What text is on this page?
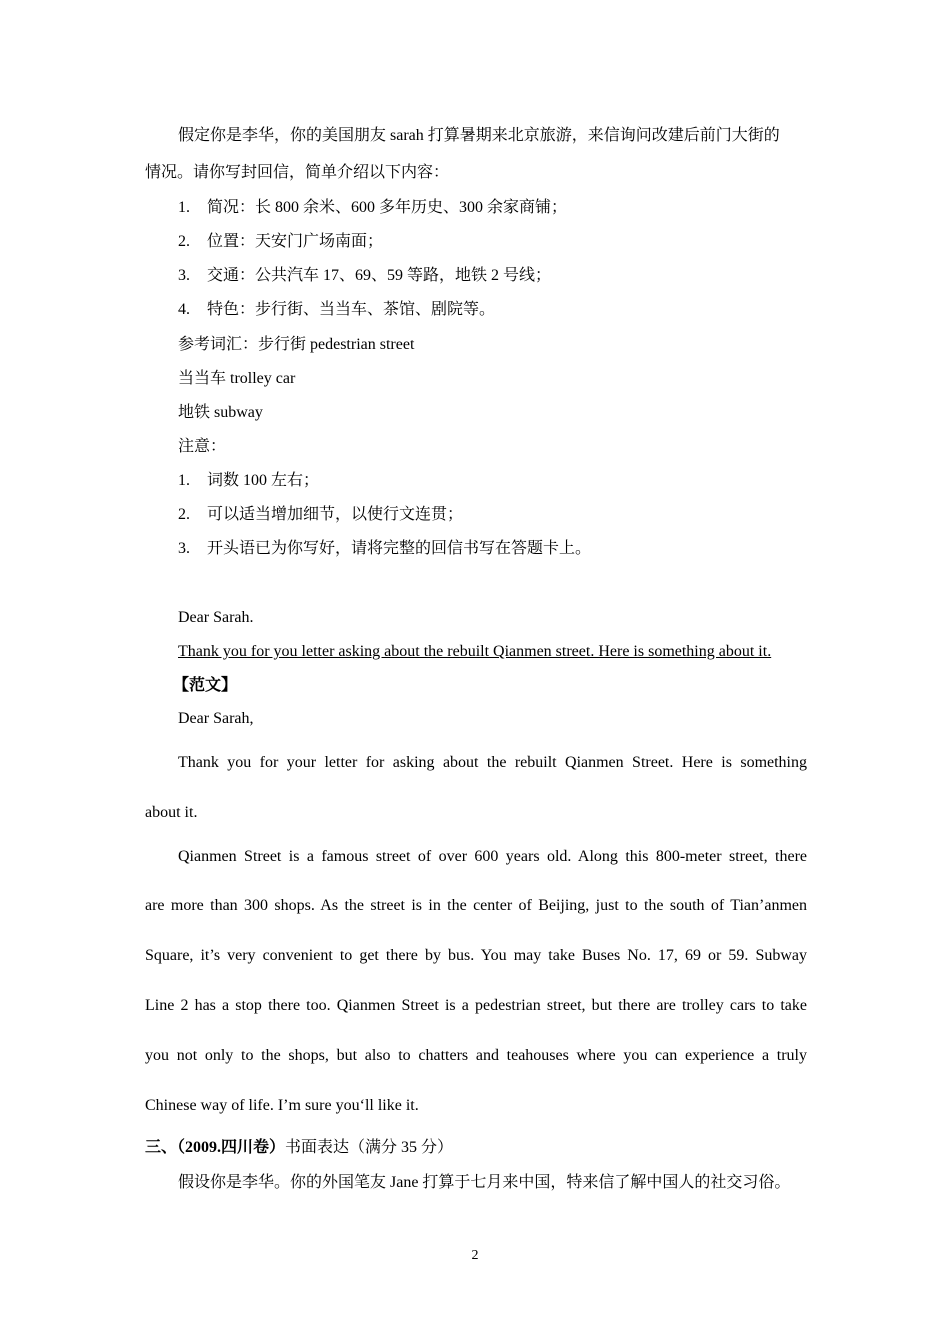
假定你是李华，你的美国朋友 sarah 打算暑期来北京旅游，来信询问改建后前门大街的
情况。请你写封回信，简单介绍以下内容：
1. 简况：长 800 余米、600 多年历史、300 余家商铺；
2. 位置：天安门广场南面；
3. 交通：公共汽车 17、69、59 等路，地铁 2 号线；
4. 特色：步行街、当当车、茶馆、剧院等。
参考词汇：步行街 pedestrian street
当当车 trolley car
地铁 subway
注意：
1. 词数 100 左右；
2. 可以适当增加细节，以使行文连贯；
3. 开头语已为你写好，请将完整的回信书写在答题卡上。
Dear Sarah.
Thank you for you letter asking about the rebuilt Qianmen street. Here is something about it.
【范文】
Dear Sarah,
Thank you for your letter for asking about the rebuilt Qianmen Street. Here is something
about it.
Qianmen Street is a famous street of over 600 years old. Along this 800-meter street, there
are more than 300 shops. As the street is in the center of Beijing, just to the south of Tian’anmen
Square, it’s very convenient to get there by bus. You may take Buses No. 17, 69 or 59. Subway
Line 2 has a stop there too. Qianmen Street is a pedestrian street, but there are trolley cars to take
you not only to the shops, but also to chatters and teahouses where you can experience a truly
Chinese way of life. I’m sure you‘ll like it.
三、（2009.四川卷）书面表达（满分 35 分）
假设你是李华。你的外国笔友 Jane 打算于七月来中国，特来信了解中国人的社交习俗。
2
